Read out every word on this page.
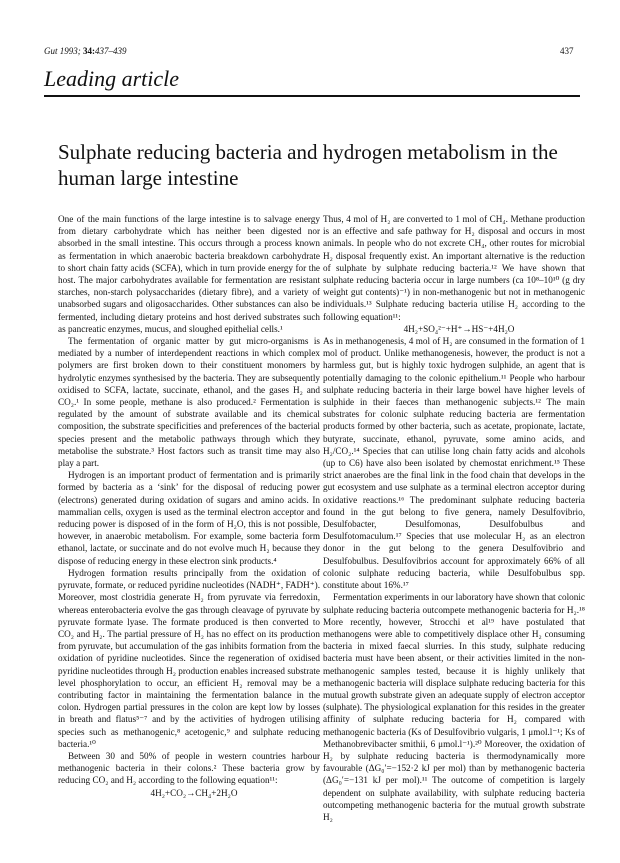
Gut 1993; 34:437–439	437
Leading article
Sulphate reducing bacteria and hydrogen metabolism in the human large intestine

One of the main functions of the large intestine is to salvage energy from dietary carbohydrate which has neither been digested nor absorbed in the small intestine. This occurs through a process known as fermentation in which anaerobic bacteria breakdown carbohydrate to short chain fatty acids (SCFA), which in turn provide energy for the host. The major carbohydrates available for fermentation are resistant starches, non-starch polysaccharides (dietary fibre), and a variety of unabsorbed sugars and oligosaccharides. Other substances can also be fermented, including dietary proteins and host derived substrates such as pancreatic enzymes, mucus, and sloughed epithelial cells.¹

The fermentation of organic matter by gut micro-organisms is mediated by a number of interdependent reactions in which complex polymers are first broken down to their constituent monomers by hydrolytic enzymes synthesised by the bacteria. They are subsequently oxidised to SCFA, lactate, succinate, ethanol, and the gases H₂ and CO₂.¹ In some people, methane is also produced.² Fermentation is regulated by the amount of substrate available and its chemical composition, the substrate specificities and preferences of the bacterial species present and the metabolic pathways through which they metabolise the substrate.³ Host factors such as transit time may also play a part.

Hydrogen is an important product of fermentation and is primarily formed by bacteria as a ‘sink’ for the disposal of reducing power (electrons) generated during oxidation of sugars and amino acids. In mammalian cells, oxygen is used as the terminal electron acceptor and reducing power is disposed of in the form of H₂O, this is not possible, however, in anaerobic metabolism. For example, some bacteria form ethanol, lactate, or succinate and do not evolve much H₂ because they dispose of reducing energy in these electron sink products.⁴

Hydrogen formation results principally from the oxidation of pyruvate, formate, or reduced pyridine nucleotides (NADH⁺, FADH⁺). Moreover, most clostridia generate H₂ from pyruvate via ferredoxin, whereas enterobacteria evolve the gas through cleavage of pyruvate by pyruvate formate lyase. The formate produced is then converted to CO₂ and H₂. The partial pressure of H₂ has no effect on its production from pyruvate, but accumulation of the gas inhibits formation from the oxidation of pyridine nucleotides. Since the regeneration of oxidised pyridine nucleotides through H₂ production enables increased substrate level phosphorylation to occur, an efficient H₂ removal may be a contributing factor in maintaining the fermentation balance in the colon. Hydrogen partial pressures in the colon are kept low by losses in breath and flatus⁵⁻⁷ and by the activities of hydrogen utilising species such as methanogenic,⁸ acetogenic,⁹ and sulphate reducing bacteria.¹⁰

Between 30 and 50% of people in western countries harbour methanogenic bacteria in their colons.² These bacteria grow by reducing CO₂ and H₂ according to the following equation¹¹:

4H₂+CO₂→CH₄+2H₂O

Thus, 4 mol of H₂ are converted to 1 mol of CH₄. Methane production is an effective and safe pathway for H₂ disposal and occurs in most animals. In people who do not excrete CH₄, other routes for microbial H₂ disposal frequently exist. An important alternative is the reduction of sulphate by sulphate reducing bacteria.¹² We have shown that sulphate reducing bacteria occur in large numbers (ca 10⁸–10¹⁰ (g dry weight gut contents)⁻¹) in non-methanogenic but not in methanogenic individuals.¹³ Sulphate reducing bacteria utilise H₂ according to the following equation¹¹:

4H₂+SO₄²⁻+H⁺→HS⁻+4H₂O

As in methanogenesis, 4 mol of H₂ are consumed in the formation of 1 mol of product. Unlike methanogenesis, however, the product is not a harmless gut, but is highly toxic hydrogen sulphide, an agent that is potentially damaging to the colonic epithelium.¹¹ People who harbour sulphate reducing bacteria in their large bowel have higher levels of sulphide in their faeces than methanogenic subjects.¹² The main substrates for colonic sulphate reducing bacteria are fermentation products formed by other bacteria, such as acetate, propionate, lactate, butyrate, succinate, ethanol, pyruvate, some amino acids, and H₂/CO₂.¹⁴ Species that can utilise long chain fatty acids and alcohols (up to C6) have also been isolated by chemostat enrichment.¹⁵ These strict anaerobes are the final link in the food chain that develops in the gut ecosystem and use sulphate as a terminal electron acceptor during oxidative reactions.¹⁶ The predominant sulphate reducing bacteria found in the gut belong to five genera, namely Desulfovibrio, Desulfobacter, Desulfomonas, Desulfobulbus and Desulfotomaculum.¹⁷ Species that use molecular H₂ as an electron donor in the gut belong to the genera Desulfovibrio and Desulfobulbus. Desulfovibrios account for approximately 66% of all colonic sulphate reducing bacteria, while Desulfobulbus spp. constitute about 16%.¹⁷

Fermentation experiments in our laboratory have shown that colonic sulphate reducing bacteria outcompete methanogenic bacteria for H₂.¹⁸ More recently, however, Strocchi et al¹⁹ have postulated that methanogens were able to competitively displace other H₂ consuming bacteria in mixed faecal slurries. In this study, sulphate reducing bacteria must have been absent, or their activities limited in the non-methanogenic samples tested, because it is highly unlikely that methanogenic bacteria will displace sulphate reducing bacteria for this mutual growth substrate given an adequate supply of electron acceptor (sulphate). The physiological explanation for this resides in the greater affinity of sulphate reducing bacteria for H₂ compared with methanogenic bacteria (Ks of Desulfovibrio vulgaris, 1 μmol.l⁻¹; Ks of Methanobrevibacter smithii, 6 μmol.l⁻¹).²⁰ Moreover, the oxidation of H₂ by sulphate reducing bacteria is thermodynamically more favourable (ΔG₀′=−152·2 kJ per mol) than by methanogenic bacteria (ΔG₀′=−131 kJ per mol).¹¹ The outcome of competition is largely dependent on sulphate availability, with sulphate reducing bacteria outcompeting methanogenic bacteria for the mutual growth substrate H₂
